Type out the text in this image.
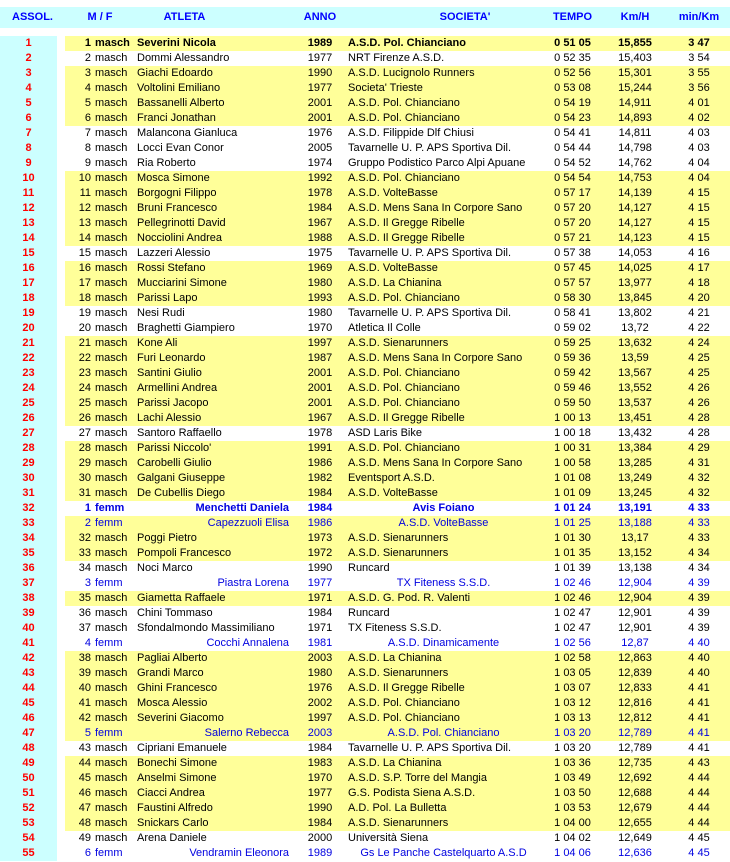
ASSOL.	M / F	ATLETA	ANNO	SOCIETA'	TEMPO	Km/H	min/Km
1	1 masch Severini Nicola	1989	A.S.D. Pol. Chianciano	0 51 05	15,855	3 47
2	2 masch Dommi Alessandro	1977	NRT Firenze A.S.D.	0 52 35	15,403	3 54
3	3 masch Giachi Edoardo	1990	A.S.D. Lucignolo Runners	0 52 56	15,301	3 55
4	4 masch Voltolini Emiliano	1977	Societa' Trieste	0 53 08	15,244	3 56
5	5 masch Bassanelli Alberto	2001	A.S.D. Pol. Chianciano	0 54 19	14,911	4 01
6	6 masch Franci Jonathan	2001	A.S.D. Pol. Chianciano	0 54 23	14,893	4 02
7	7 masch Malancona Gianluca	1976	A.S.D. Filippide Dlf Chiusi	0 54 41	14,811	4 03
8	8 masch Locci Evan Conor	2005	Tavarnelle U. P. APS Sportiva Dil.	0 54 44	14,798	4 03
9	9 masch Ria Roberto	1974	Gruppo Podistico Parco Alpi Apuane	0 54 52	14,762	4 04
10	10 masch Mosca Simone	1992	A.S.D. Pol. Chianciano	0 54 54	14,753	4 04
11	11 masch Borgogni Filippo	1978	A.S.D. VolteBasse	0 57 17	14,139	4 15
12	12 masch Bruni Francesco	1984	A.S.D. Mens Sana In Corpore Sano	0 57 20	14,127	4 15
13	13 masch Pellegrinotti David	1967	A.S.D. Il Gregge Ribelle	0 57 20	14,127	4 15
14	14 masch Nocciolini Andrea	1988	A.S.D. Il Gregge Ribelle	0 57 21	14,123	4 15
15	15 masch Lazzeri Alessio	1975	Tavarnelle U. P. APS Sportiva Dil.	0 57 38	14,053	4 16
16	16 masch Rossi Stefano	1969	A.S.D. VolteBasse	0 57 45	14,025	4 17
17	17 masch Mucciarini Simone	1980	A.S.D. La Chianina	0 57 57	13,977	4 18
18	18 masch Parissi Lapo	1993	A.S.D. Pol. Chianciano	0 58 30	13,845	4 20
19	19 masch Nesi Rudi	1980	Tavarnelle U. P. APS Sportiva Dil.	0 58 41	13,802	4 21
20	20 masch Braghetti Giampiero	1970	Atletica Il Colle	0 59 02	13,72	4 22
21	21 masch Kone Ali	1997	A.S.D. Sienarunners	0 59 25	13,632	4 24
22	22 masch Furi Leonardo	1987	A.S.D. Mens Sana In Corpore Sano	0 59 36	13,59	4 25
23	23 masch Santini Giulio	2001	A.S.D. Pol. Chianciano	0 59 42	13,567	4 25
24	24 masch Armellini Andrea	2001	A.S.D. Pol. Chianciano	0 59 46	13,552	4 26
25	25 masch Parissi Jacopo	2001	A.S.D. Pol. Chianciano	0 59 50	13,537	4 26
26	26 masch Lachi Alessio	1967	A.S.D. Il Gregge Ribelle	1 00 13	13,451	4 28
27	27 masch Santoro Raffaello	1978	ASD Laris Bike	1 00 18	13,432	4 28
28	28 masch Parissi Niccolo'	1991	A.S.D. Pol. Chianciano	1 00 31	13,384	4 29
29	29 masch Carobelli Giulio	1986	A.S.D. Mens Sana In Corpore Sano	1 00 58	13,285	4 31
30	30 masch Galgani Giuseppe	1982	Eventsport A.S.D.	1 01 08	13,249	4 32
31	31 masch De Cubellis Diego	1984	A.S.D. VolteBasse	1 01 09	13,245	4 32
32	1 femm	Menchetti Daniela	1984	Avis Foiano	1 01 24	13,191	4 33
33	2 femm	Capezzuoli Elisa	1986	A.S.D. VolteBasse	1 01 25	13,188	4 33
34	32 masch Poggi Pietro	1973	A.S.D. Sienarunners	1 01 30	13,17	4 33
35	33 masch Pompoli Francesco	1972	A.S.D. Sienarunners	1 01 35	13,152	4 34
36	34 masch Noci Marco	1990	Runcard	1 01 39	13,138	4 34
37	3 femm	Piastra Lorena	1977	TX Fiteness S.S.D.	1 02 46	12,904	4 39
38	35 masch Giametta Raffaele	1971	A.S.D. G. Pod. R. Valenti	1 02 46	12,904	4 39
39	36 masch Chini Tommaso	1984	Runcard	1 02 47	12,901	4 39
40	37 masch Sfondalmondo Massimiliano	1971	TX Fiteness S.S.D.	1 02 47	12,901	4 39
41	4 femm	Cocchi Annalena	1981	A.S.D. Dinamicamente	1 02 56	12,87	4 40
42	38 masch Pagliai Alberto	2003	A.S.D. La Chianina	1 02 58	12,863	4 40
43	39 masch Grandi Marco	1980	A.S.D. Sienarunners	1 03 05	12,839	4 40
44	40 masch Ghini Francesco	1976	A.S.D. Il Gregge Ribelle	1 03 07	12,833	4 41
45	41 masch Mosca Alessio	2002	A.S.D. Pol. Chianciano	1 03 12	12,816	4 41
46	42 masch Severini Giacomo	1997	A.S.D. Pol. Chianciano	1 03 13	12,812	4 41
47	5 femm	Salerno Rebecca	2003	A.S.D. Pol. Chianciano	1 03 20	12,789	4 41
48	43 masch Cipriani Emanuele	1984	Tavarnelle U. P. APS Sportiva Dil.	1 03 20	12,789	4 41
49	44 masch Bonechi Simone	1983	A.S.D. La Chianina	1 03 36	12,735	4 43
50	45 masch Anselmi Simone	1970	A.S.D. S.P. Torre del Mangia	1 03 49	12,692	4 44
51	46 masch Ciacci Andrea	1977	G.S. Podista Siena A.S.D.	1 03 50	12,688	4 44
52	47 masch Faustini Alfredo	1990	A.D. Pol. La Bulletta	1 03 53	12,679	4 44
53	48 masch Snickars Carlo	1984	A.S.D. Sienarunners	1 04 00	12,655	4 44
54	49 masch Arena Daniele	2000	Università Siena	1 04 02	12,649	4 45
55	6 femm	Vendramin Eleonora	1989	Gs Le Panche Castelquarto A.S.D	1 04 06	12,636	4 45
